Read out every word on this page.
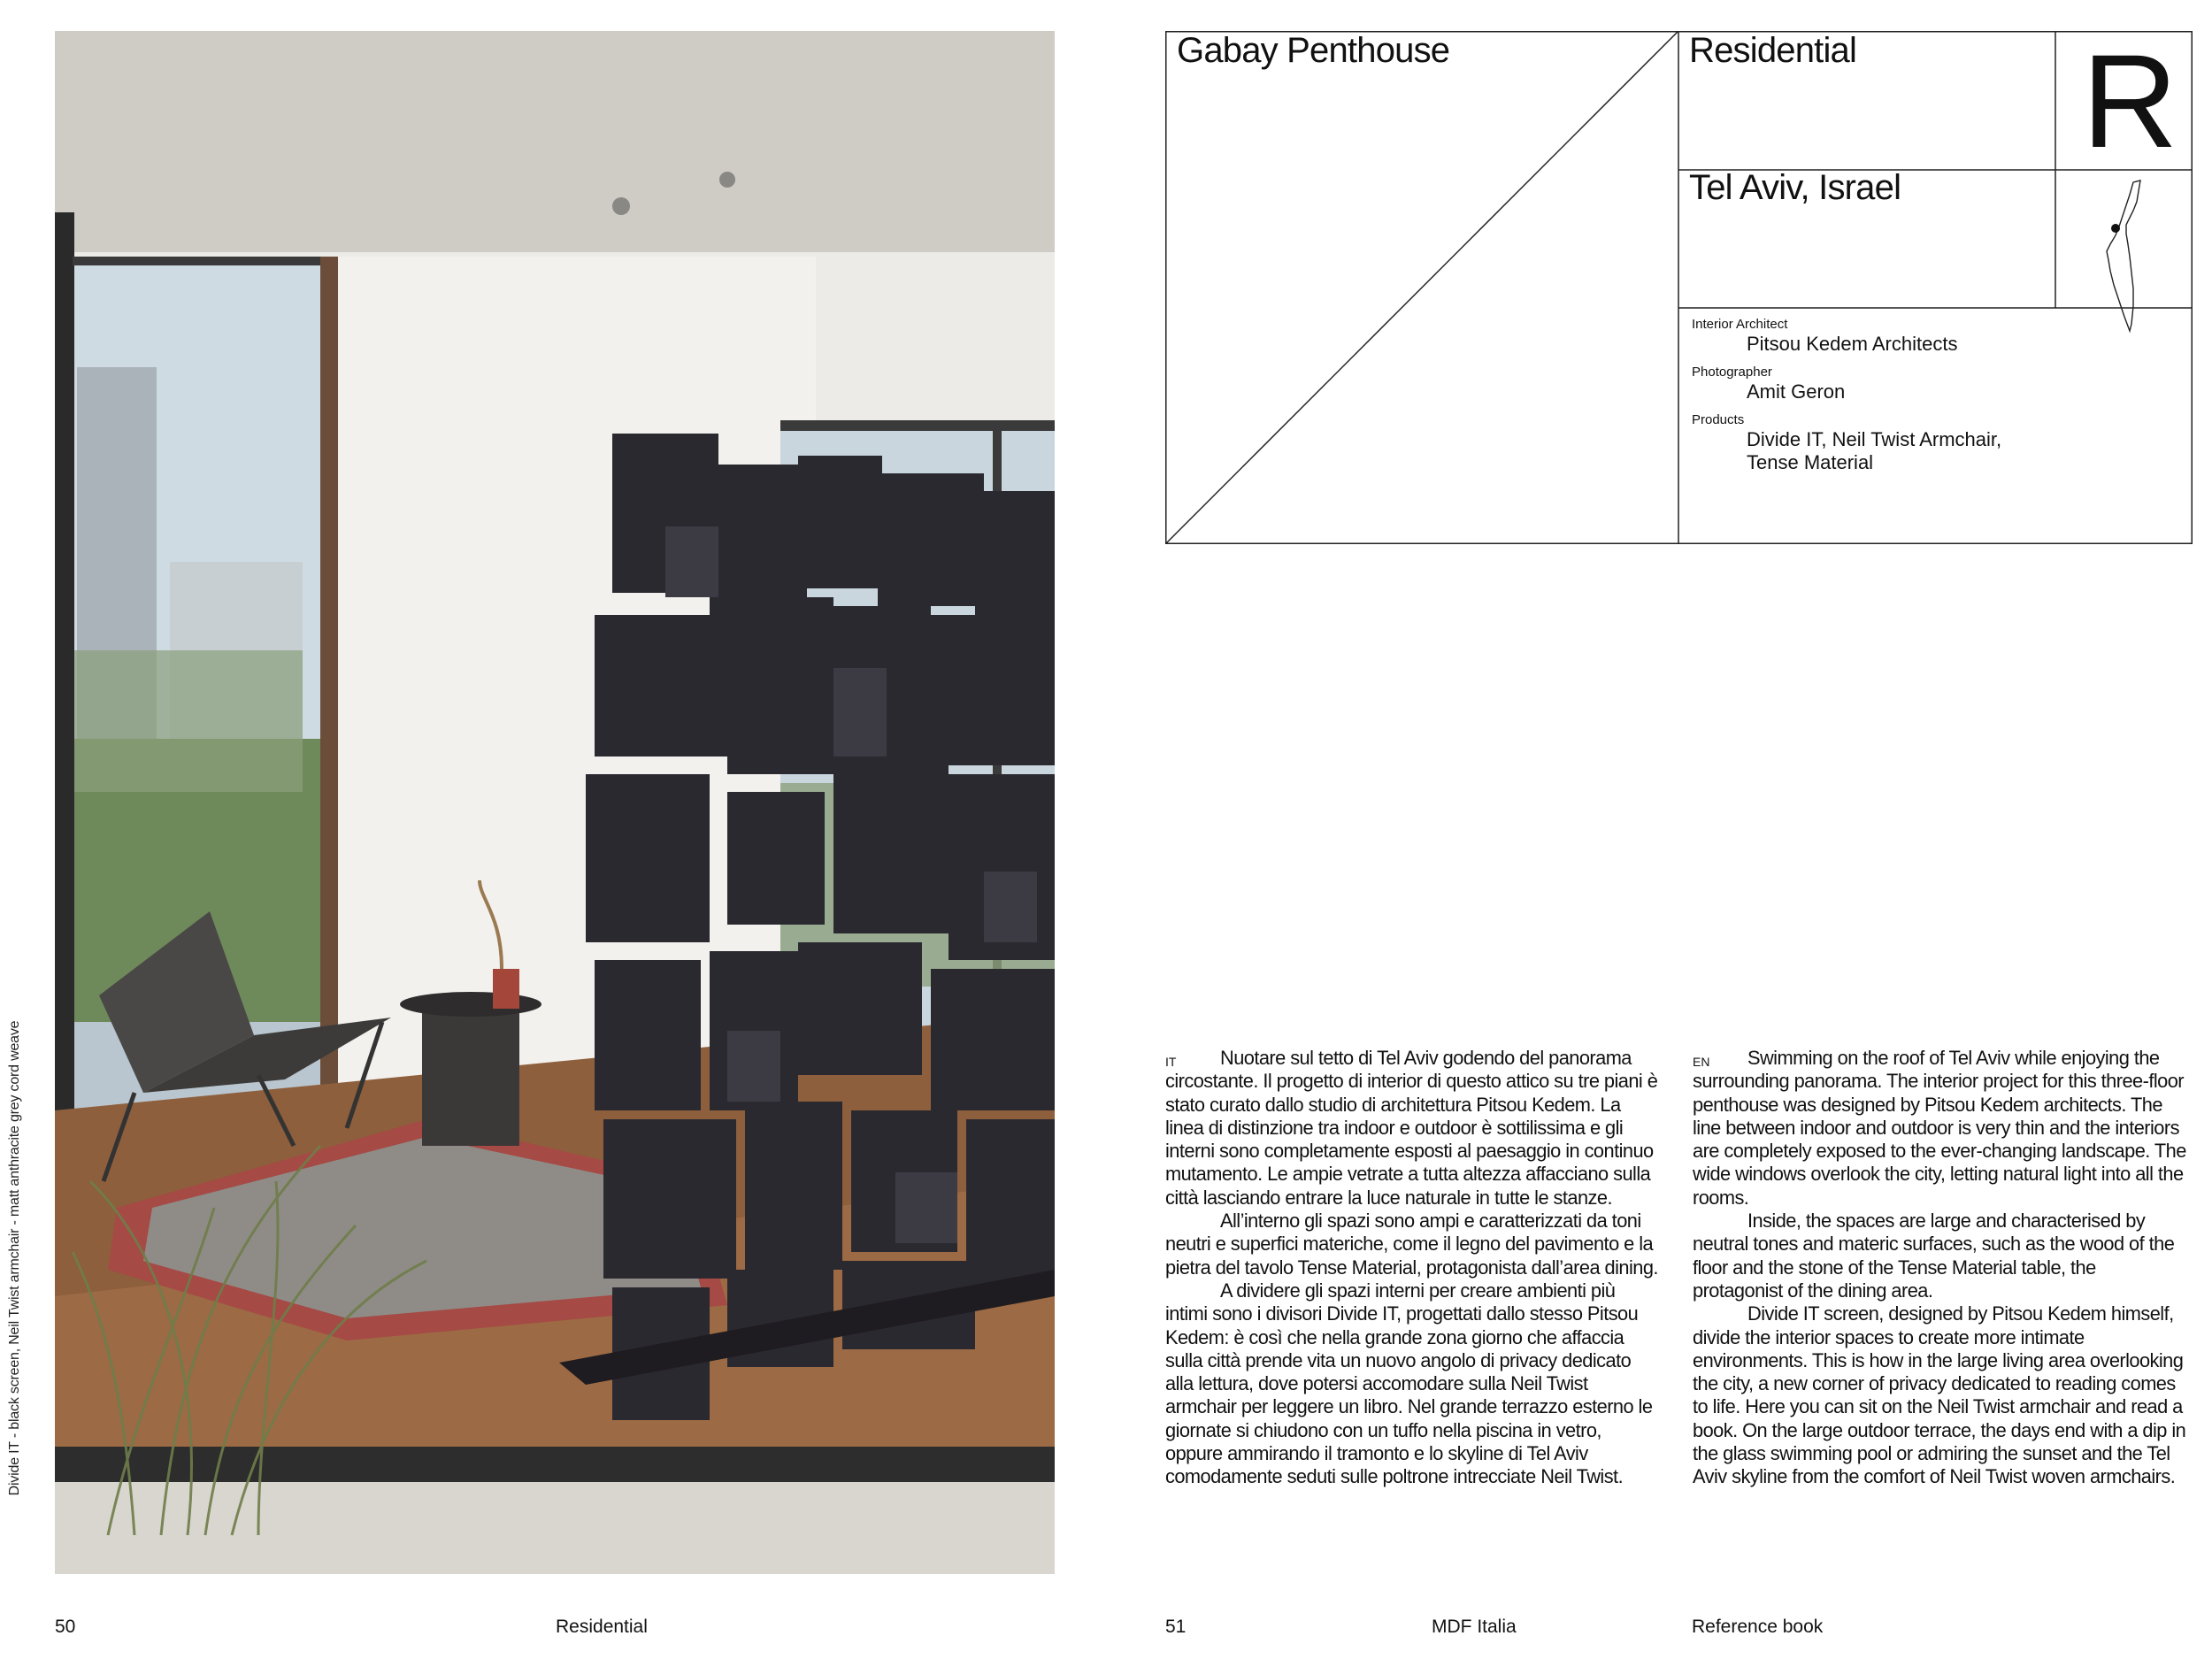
Divide IT - black screen, Neil Twist armchair - matt anthracite grey cord weave
50	Residential	51	MDF Italia	Reference book
Gabay Penthouse	Residential R
Tel Aviv, Israel
Interior Architect
Pitsou Kedem Architects
Photographer
Amit Geron
Products
Divide IT, Neil Twist Armchair,
Tense Material
IT	Nuotare sul tetto di Tel Aviv godendo del panorama circostante. Il progetto di interior di questo attico su tre piani è stato curato dallo studio di architettura Pitsou Kedem. La linea di distinzione tra indoor e outdoor è sottilissima e gli interni sono completamente esposti al paesaggio in continuo mutamento. Le ampie vetrate a tutta altezza affacciano sulla città lasciando entrare la luce naturale in tutte le stanze.

All’interno gli spazi sono ampi e caratterizzati da toni neutri e superfici materiche, come il legno del pavimento e la pietra del tavolo Tense Material, protagonista dall’area dining.

A dividere gli spazi interni per creare ambienti più intimi sono i divisori Divide IT, progettati dallo stesso Pitsou Kedem: è così che nella grande zona giorno che affaccia sulla città prende vita un nuovo angolo di privacy dedicato alla lettura, dove potersi accomodare sulla Neil Twist armchair per leggere un libro. Nel grande terrazzo esterno le giornate si chiudono con un tuffo nella piscina in vetro, oppure ammirando il tramonto e lo skyline di Tel Aviv comodamente seduti sulle poltrone intrecciate Neil Twist.

EN	Swimming on the roof of Tel Aviv while enjoying the surrounding panorama. The interior project for this three-floor penthouse was designed by Pitsou Kedem architects. The line between indoor and outdoor is very thin and the interiors are completely exposed to the ever-changing landscape. The wide windows overlook the city, letting natural light into all the rooms.

Inside, the spaces are large and characterised by neutral tones and materic surfaces, such as the wood of the floor and the stone of the Tense Material table, the protagonist of the dining area.

Divide IT screen, designed by Pitsou Kedem himself, divide the interior spaces to create more intimate environments. This is how in the large living area overlooking the city, a new corner of privacy dedicated to reading comes to life. Here you can sit on the Neil Twist armchair and read a book. On the large outdoor terrace, the days end with a dip in the glass swimming pool or admiring the sunset and the Tel Aviv skyline from the comfort of Neil Twist woven armchairs.
